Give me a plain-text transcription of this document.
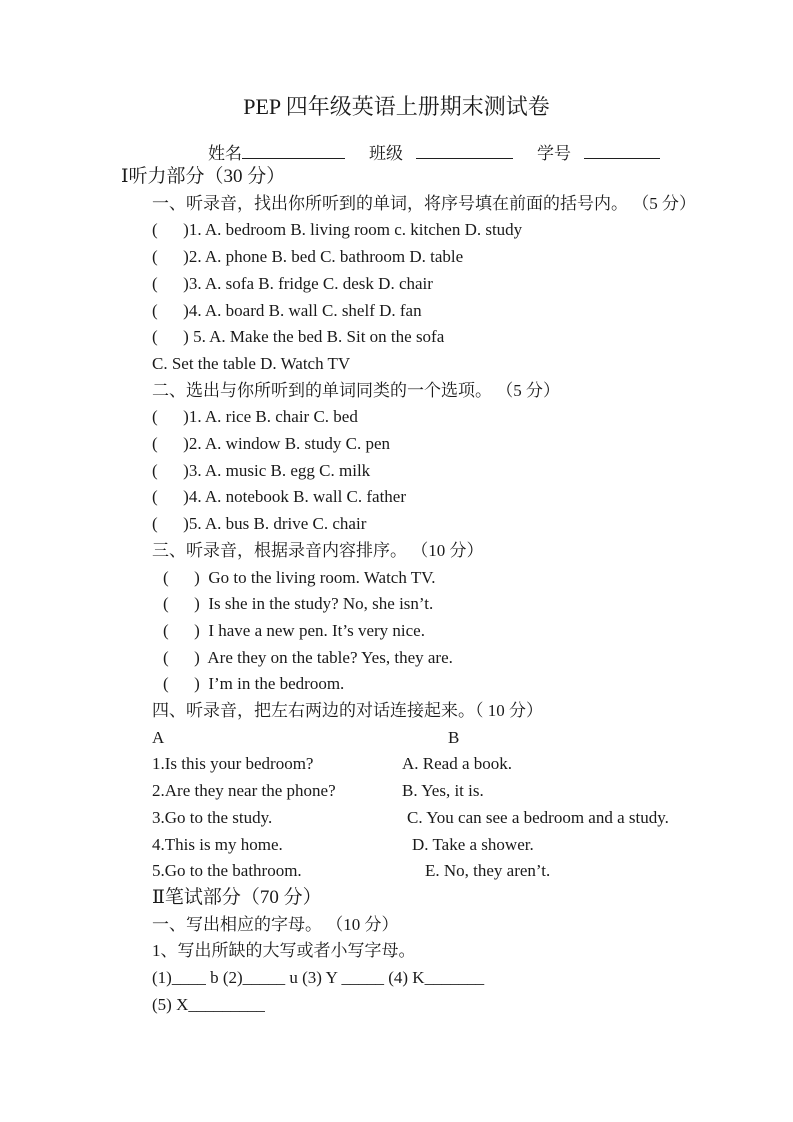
PEP 四年级英语上册期末测试卷
姓名	班级	学号
Ⅰ听力部分（30 分）
一、听录音，找出你所听到的单词，将序号填在前面的括号内。 （5 分）
(      )1. A. bedroom B. living room c. kitchen D. study
(      )2. A. phone B. bed C. bathroom D. table
(      )3. A. sofa B. fridge C. desk D. chair
(      )4. A. board B. wall C. shelf D. fan
(      ) 5. A. Make the bed B. Sit on the sofa
C. Set the table D. Watch TV
二、选出与你所听到的单词同类的一个选项。 （5 分）
(      )1. A. rice B. chair C. bed
(      )2. A. window B. study C. pen
(      )3. A. music B. egg C. milk
(      )4. A. notebook B. wall C. father
(      )5. A. bus B. drive C. chair
三、听录音，根据录音内容排序。 （10 分）
(      )  Go to the living room. Watch TV.
(      )  Is she in the study? No, she isn’t.
(      )  I have a new pen. It’s very nice.
(      )  Are they on the table? Yes, they are.
(      )  I’m in the bedroom.
四、听录音，把左右两边的对话连接起来。（ 10 分）
A	B
1.Is this your bedroom?	A. Read a book.
2.Are they near the phone?	B. Yes, it is.
3.Go to the study.	C. You can see a bedroom and a study.
4.This is my home.	D. Take a shower.
5.Go to the bathroom.	E. No, they aren’t.
Ⅱ笔试部分（70 分）
一、写出相应的字母。 （10 分）
1、写出所缺的大写或者小写字母。
(1)____ b (2)_____ u (3) Y _____ (4) K_______
(5) X_________
